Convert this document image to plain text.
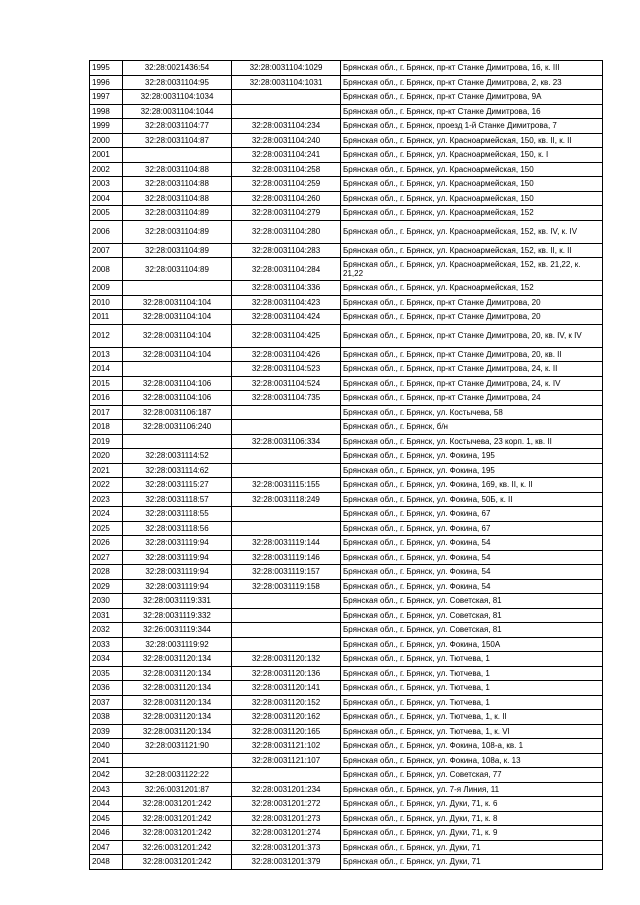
1995	32:28:0021436:54	32:28:0031104:1029	Брянская обл., г. Брянск, пр-кт Станке Димитрова, 16, к. III
1996	32:28:0031104:95	32:28:0031104:1031	Брянская обл., г. Брянск, пр-кт Станке Димитрова, 2, кв. 23
1997	32:28:0031104:1034		Брянская обл., г. Брянск, пр-кт Станке Димитрова, 9А
1998	32:28:0031104:1044		Брянская обл., г. Брянск, пр-кт Станке Димитрова, 16
1999	32:28:0031104:77	32:28:0031104:234	Брянская обл., г. Брянск, проезд 1-й Станке Димитрова, 7
2000	32:28:0031104:87	32:28:0031104:240	Брянская обл., г. Брянск, ул. Красноармейская, 150, кв. II, к. II
2001		32:28:0031104:241	Брянская обл., г. Брянск, ул. Красноармейская, 150, к. I
2002	32:28:0031104:88	32:28:0031104:258	Брянская обл., г. Брянск, ул. Красноармейская, 150
2003	32:28:0031104:88	32:28:0031104:259	Брянская обл., г. Брянск, ул. Красноармейская, 150
2004	32:28:0031104:88	32:28:0031104:260	Брянская обл., г. Брянск, ул. Красноармейская, 150
2005	32:28:0031104:89	32:28:0031104:279	Брянская обл., г. Брянск, ул. Красноармейская, 152
2006	32:28:0031104:89	32:28:0031104:280	Брянская обл., г. Брянск, ул. Красноармейская, 152, кв. IV, к. IV
2007	32:28:0031104:89	32:28:0031104:283	Брянская обл., г. Брянск, ул. Красноармейская, 152, кв. II, к. II
2008	32:28:0031104:89	32:28:0031104:284	Брянская обл., г. Брянск, ул. Красноармейская, 152, кв. 21,22, к. 21,22
2009		32:28:0031104:336	Брянская обл., г. Брянск, ул. Красноармейская, 152
2010	32:28:0031104:104	32:28:0031104:423	Брянская обл., г. Брянск, пр-кт Станке Димитрова, 20
2011	32:28:0031104:104	32:28:0031104:424	Брянская обл., г. Брянск, пр-кт Станке Димитрова, 20
2012	32:28:0031104:104	32:28:0031104:425	Брянская обл., г. Брянск, пр-кт Станке Димитрова, 20, кв. IV, к IV
2013	32:28:0031104:104	32:28:0031104:426	Брянская обл., г. Брянск, пр-кт Станке Димитрова, 20, кв. II
2014		32:28:0031104:523	Брянская обл., г. Брянск, пр-кт Станке Димитрова, 24, к. II
2015	32:28:0031104:106	32:28:0031104:524	Брянская обл., г. Брянск, пр-кт Станке Димитрова, 24, к. IV
2016	32:28:0031104:106	32:28:0031104:735	Брянская обл., г. Брянск, пр-кт Станке Димитрова, 24
2017	32:28:0031106:187		Брянская обл., г. Брянск, ул. Костычева, 58
2018	32:28:0031106:240		Брянская обл., г. Брянск, б/н
2019		32:28:0031106:334	Брянская обл., г. Брянск, ул. Костычева, 23 корп. 1, кв. II
2020	32:28:0031114:52		Брянская обл., г. Брянск, ул. Фокина, 195
2021	32:28:0031114:62		Брянская обл., г. Брянск, ул. Фокина, 195
2022	32:28:0031115:27	32:28:0031115:155	Брянская обл., г. Брянск, ул. Фокина, 169, кв. II, к. II
2023	32:28:0031118:57	32:28:0031118:249	Брянская обл., г. Брянск, ул. Фокина, 50Б, к. II
2024	32:28:0031118:55		Брянская обл., г. Брянск, ул. Фокина, 67
2025	32:28:0031118:56		Брянская обл., г. Брянск, ул. Фокина, 67
2026	32:28:0031119:94	32:28:0031119:144	Брянская обл., г. Брянск, ул. Фокина, 54
2027	32:28:0031119:94	32:28:0031119:146	Брянская обл., г. Брянск, ул. Фокина, 54
2028	32:28:0031119:94	32:28:0031119:157	Брянская обл., г. Брянск, ул. Фокина, 54
2029	32:28:0031119:94	32:28:0031119:158	Брянская обл., г. Брянск, ул. Фокина, 54
2030	32:28:0031119:331		Брянская обл., г. Брянск, ул. Советская, 81
2031	32:28:0031119:332		Брянская обл., г. Брянск, ул. Советская, 81
2032	32:26:0031119:344		Брянская обл., г. Брянск, ул. Советская, 81
2033	32:28:0031119:92		Брянская обл., г. Брянск, ул. Фокина, 150А
2034	32:28:0031120:134	32:28:0031120:132	Брянская обл., г. Брянск, ул. Тютчева, 1
2035	32:28:0031120:134	32:28:0031120:136	Брянская обл., г. Брянск, ул. Тютчева, 1
2036	32:28:0031120:134	32:28:0031120:141	Брянская обл., г. Брянск, ул. Тютчева, 1
2037	32:28:0031120:134	32:28:0031120:152	Брянская обл., г. Брянск, ул. Тютчева, 1
2038	32:28:0031120:134	32:28:0031120:162	Брянская обл., г. Брянск, ул. Тютчева, 1, к. II
2039	32:28:0031120:134	32:28:0031120:165	Брянская обл., г. Брянск, ул. Тютчева, 1, к. VI
2040	32:28:0031121:90	32:28:0031121:102	Брянская обл., г. Брянск, ул. Фокина, 108-а, кв. 1
2041		32:28:0031121:107	Брянская обл., г. Брянск, ул. Фокина, 108а, к. 13
2042	32:28:0031122:22		Брянская обл., г. Брянск, ул. Советская, 77
2043	32:26:0031201:87	32:28:0031201:234	Брянская обл., г. Брянск, ул. 7-я Линия, 11
2044	32:28:0031201:242	32:28:0031201:272	Брянская обл., г. Брянск, ул. Дуки, 71, к. 6
2045	32:28:0031201:242	32:28:0031201:273	Брянская обл., г. Брянск, ул. Дуки, 71, к. 8
2046	32:28:0031201:242	32:28:0031201:274	Брянская обл., г. Брянск, ул. Дуки, 71, к. 9
2047	32:26:0031201:242	32:28:0031201:373	Брянская обл., г. Брянск, ул. Дуки, 71
2048	32:28:0031201:242	32:28:0031201:379	Брянская обл., г. Брянск, ул. Дуки, 71
